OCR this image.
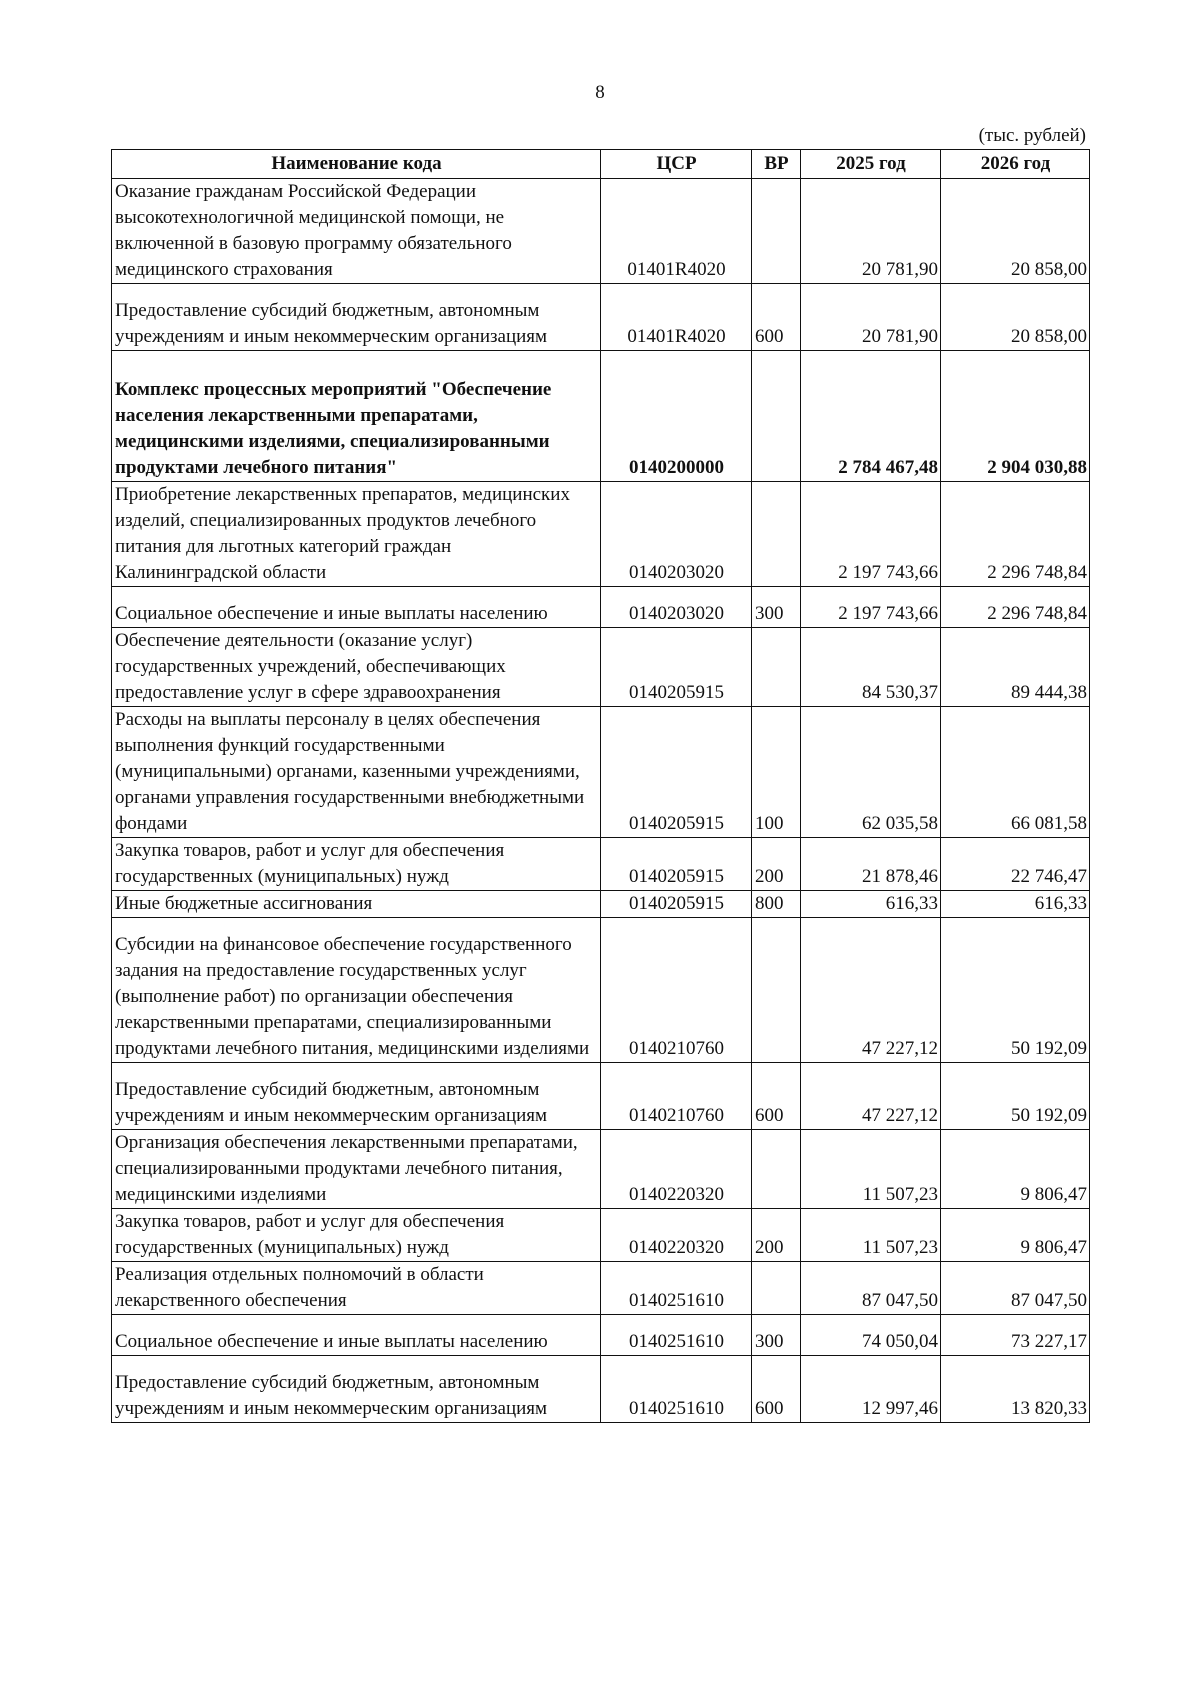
8
(тыс. рублей)
Наименование кода	ЦСР	ВР	2025 год	2026 год
Оказание гражданам Российской Федерации высокотехнологичной медицинской помощи, не включенной в базовую программу обязательного медицинского страхования	01401R4020		20 781,90	20 858,00
Предоставление субсидий бюджетным, автономным учреждениям и иным некоммерческим организациям	01401R4020	600	20 781,90	20 858,00
Комплекс процессных мероприятий "Обеспечение населения лекарственными препаратами, медицинскими изделиями, специализированными продуктами лечебного питания"	0140200000		2 784 467,48	2 904 030,88
Приобретение лекарственных препаратов, медицинских изделий, специализированных продуктов лечебного питания для льготных категорий граждан Калининградской области	0140203020		2 197 743,66	2 296 748,84
Социальное обеспечение и иные выплаты населению	0140203020	300	2 197 743,66	2 296 748,84
Обеспечение деятельности (оказание услуг) государственных учреждений, обеспечивающих предоставление услуг в сфере здравоохранения	0140205915		84 530,37	89 444,38
Расходы на выплаты персоналу в целях обеспечения выполнения функций государственными (муниципальными) органами, казенными учреждениями, органами управления государственными внебюджетными фондами	0140205915	100	62 035,58	66 081,58
Закупка товаров, работ и услуг для обеспечения государственных (муниципальных) нужд	0140205915	200	21 878,46	22 746,47
Иные бюджетные ассигнования	0140205915	800	616,33	616,33
Субсидии на финансовое обеспечение государственного задания на предоставление государственных услуг (выполнение работ) по организации обеспечения лекарственными препаратами, специализированными продуктами лечебного питания, медицинскими изделиями	0140210760		47 227,12	50 192,09
Предоставление субсидий бюджетным, автономным учреждениям и иным некоммерческим организациям	0140210760	600	47 227,12	50 192,09
Организация обеспечения лекарственными препаратами, специализированными продуктами лечебного питания, медицинскими изделиями	0140220320		11 507,23	9 806,47
Закупка товаров, работ и услуг для обеспечения государственных (муниципальных) нужд	0140220320	200	11 507,23	9 806,47
Реализация отдельных полномочий в области лекарственного обеспечения	0140251610		87 047,50	87 047,50
Социальное обеспечение и иные выплаты населению	0140251610	300	74 050,04	73 227,17
Предоставление субсидий бюджетным, автономным учреждениям и иным некоммерческим организациям	0140251610	600	12 997,46	13 820,33
